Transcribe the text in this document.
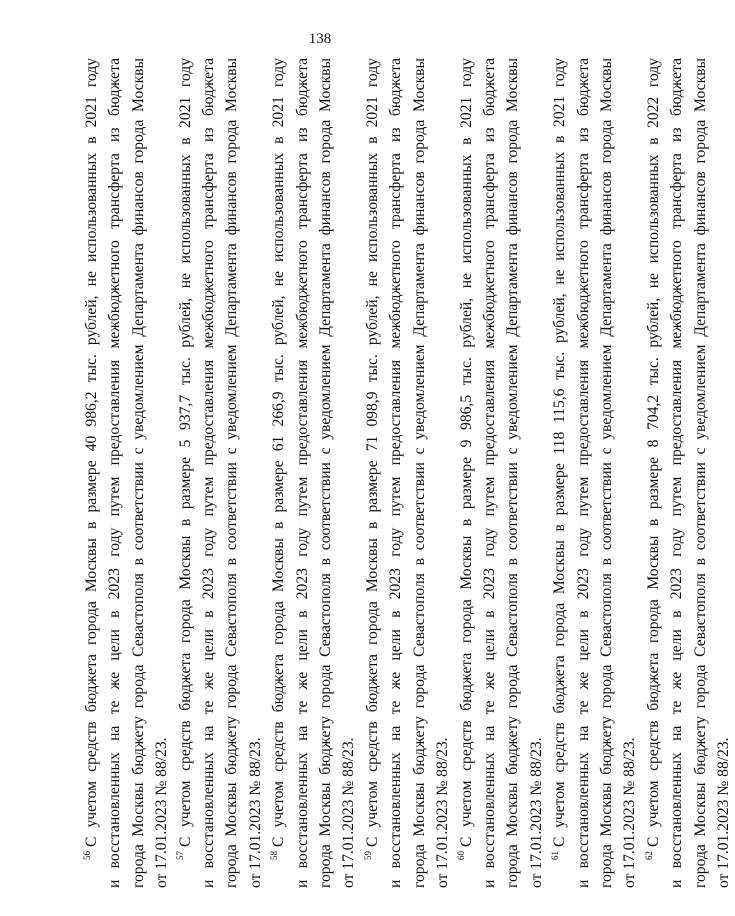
138
$^{56}$С учетом средств бюджета города Москвы в размере 40 986,2 тыс. рублей, не использованных в 2021 году и восстановленных на те же цели в 2023 году путем предоставления межбюджетного трансферта из бюджета города Москвы бюджету города Севастополя в соответствии с уведомлением Департамента финансов города Москвы от 17.01.2023 № 88/23. $^{57}$С учетом средств бюджета города Москвы в размере 5 937,7 тыс. рублей, не использованных в 2021 году и восстановленных на те же цели в 2023 году путем предоставления межбюджетного трансферта из бюджета города Москвы бюджету города Севастополя в соответствии с уведомлением Департамента финансов города Москвы от 17.01.2023 № 88/23. $^{58}$С учетом средств бюджета города Москвы в размере 61 266,9 тыс. рублей, не использованных в 2021 году и восстановленных на те же цели в 2023 году путем предоставления межбюджетного трансферта из бюджета города Москвы бюджету города Севастополя в соответствии с уведомлением Департамента финансов города Москвы от 17.01.2023 № 88/23. $^{59}$С учетом средств бюджета города Москвы в размере 71 098,9 тыс. рублей, не использованных в 2021 году и восстановленных на те же цели в 2023 году путем предоставления межбюджетного трансферта из бюджета города Москвы бюджету города Севастополя в соответствии с уведомлением Департамента финансов города Москвы от 17.01.2023 № 88/23. $^{60}$С учетом средств бюджета города Москвы в размере 9 986,5 тыс. рублей, не использованных в 2021 году и восстановленных на те же цели в 2023 году путем предоставления межбюджетного трансферта из бюджета города Москвы бюджету города Севастополя в соответствии с уведомлением Департамента финансов города Москвы от 17.01.2023 № 88/23. $^{61}$С учетом средств бюджета города Москвы в размере 118 115,6 тыс. рублей, не использованных в 2021 году и восстановленных на те же цели в 2023 году путем предоставления межбюджетного трансферта из бюджета города Москвы бюджету города Севастополя в соответствии с уведомлением Департамента финансов города Москвы от 17.01.2023 № 88/23. $^{62}$С учетом средств бюджета города Москвы в размере 8 704,2 тыс. рублей, не использованных в 2022 году и восстановленных на те же цели в 2023 году путем предоставления межбюджетного трансферта из бюджета города Москвы бюджету города Севастополя в соответствии с уведомлением Департамента финансов города Москвы от 17.01.2023 № 88/23.
